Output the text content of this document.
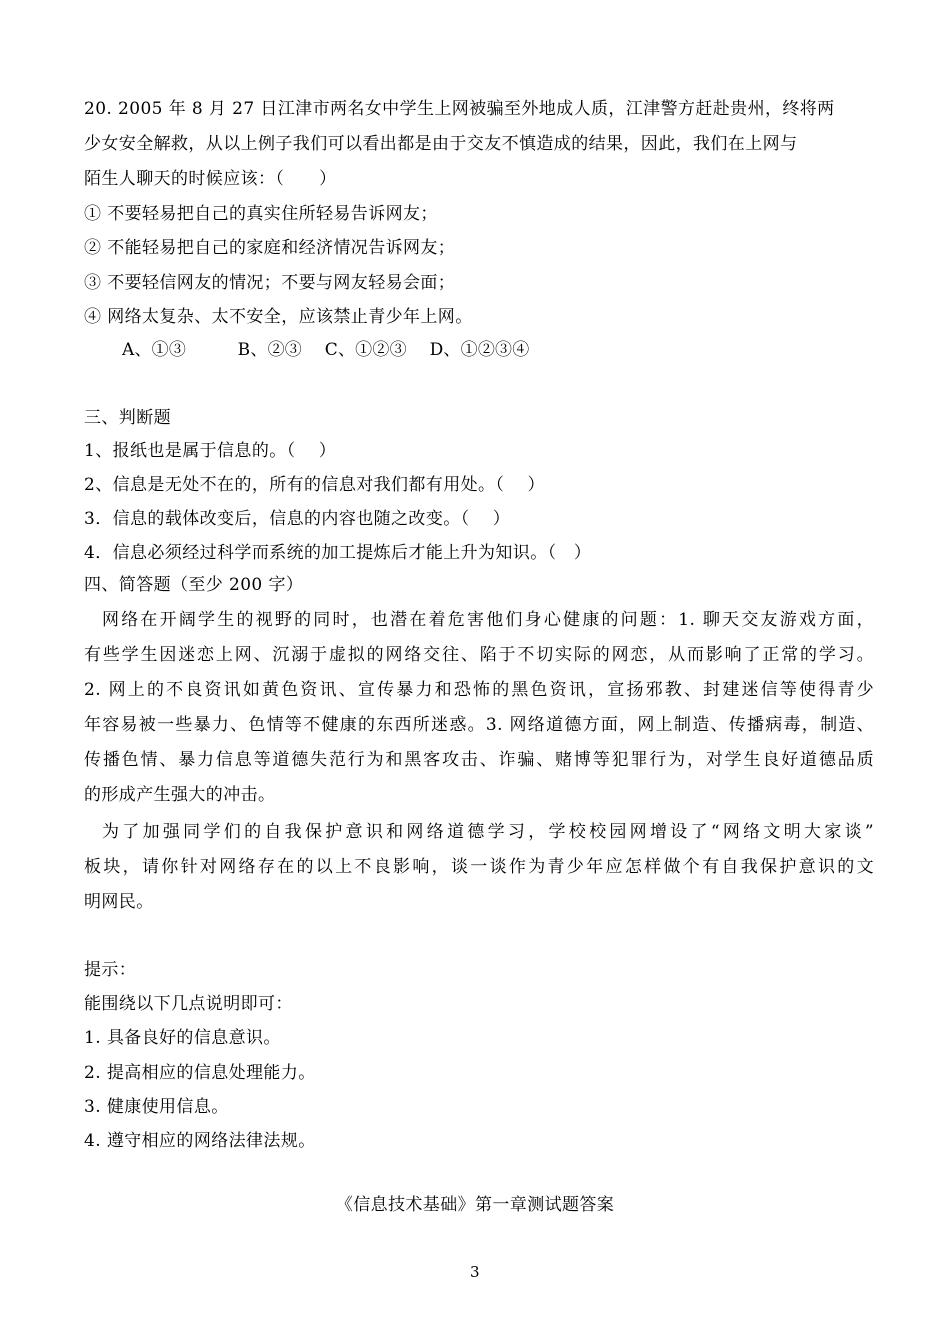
20. 2005 年 8 月 27 日江津市两名女中学生上网被骗至外地成人质，江津警方赶赴贵州，终将两
少女安全解救，从以上例子我们可以看出都是由于交友不慎造成的结果，因此，我们在上网与
陌生人聊天的时候应该：（　　）
① 不要轻易把自己的真实住所轻易告诉网友；
② 不能轻易把自己的家庭和经济情况告诉网友；
③ 不要轻信网友的情况；不要与网友轻易会面；
④ 网络太复杂、太不安全，应该禁止青少年上网。
A、①③　　　B、②③　 C、①②③　 D、①②③④
三、判断题
1、报纸也是属于信息的。（　 ）
2、信息是无处不在的，所有的信息对我们都有用处。（　 ）
3．信息的载体改变后，信息的内容也随之改变。（　 ）
4．信息必须经过科学而系统的加工提炼后才能上升为知识。（　）
四、简答题（至少 200 字）
网络在开阔学生的视野的同时，也潜在着危害他们身心健康的问题：1. 聊天交友游戏方面，
有些学生因迷恋上网、沉溺于虚拟的网络交往、陷于不切实际的网恋，从而影响了正常的学习。
2. 网上的不良资讯如黄色资讯、宣传暴力和恐怖的黑色资讯，宣扬邪教、封建迷信等使得青少
年容易被一些暴力、色情等不健康的东西所迷惑。3. 网络道德方面，网上制造、传播病毒，制造、
传播色情、暴力信息等道德失范行为和黑客攻击、诈骗、赌博等犯罪行为，对学生良好道德品质
的形成产生强大的冲击。
为了加强同学们的自我保护意识和网络道德学习，学校校园网增设了“网络文明大家谈”
板块，请你针对网络存在的以上不良影响，谈一谈作为青少年应怎样做个有自我保护意识的文
明网民。
提示：
能围绕以下几点说明即可：
1. 具备良好的信息意识。
2. 提高相应的信息处理能力。
3. 健康使用信息。
4. 遵守相应的网络法律法规。
《信息技术基础》第一章测试题答案
3
